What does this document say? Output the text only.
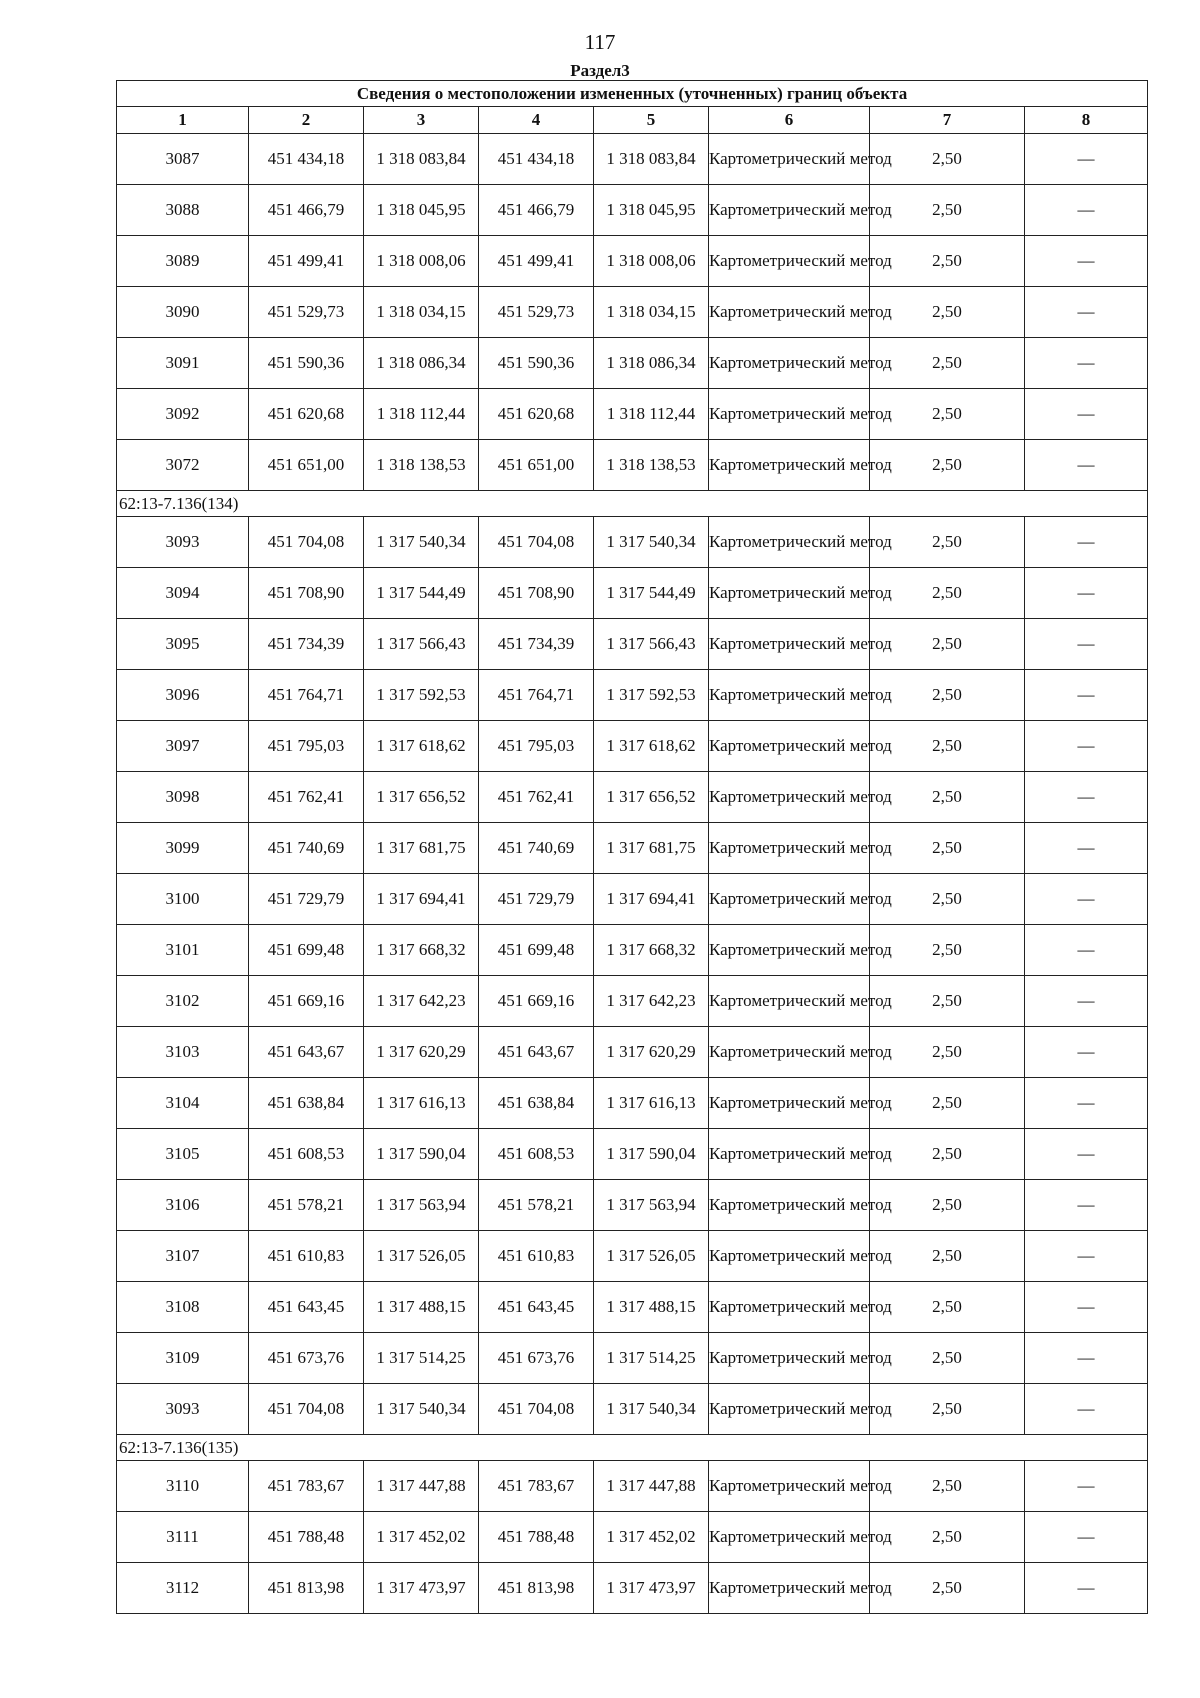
117
Раздел3
Сведения о местоположении измененных (уточненных) границ объекта							
1	2	3	4	5	6	7	8
3087	451 434,18	1 318 083,84	451 434,18	1 318 083,84	Картометрический метод	2,50	—
3088	451 466,79	1 318 045,95	451 466,79	1 318 045,95	Картометрический метод	2,50	—
3089	451 499,41	1 318 008,06	451 499,41	1 318 008,06	Картометрический метод	2,50	—
3090	451 529,73	1 318 034,15	451 529,73	1 318 034,15	Картометрический метод	2,50	—
3091	451 590,36	1 318 086,34	451 590,36	1 318 086,34	Картометрический метод	2,50	—
3092	451 620,68	1 318 112,44	451 620,68	1 318 112,44	Картометрический метод	2,50	—
3072	451 651,00	1 318 138,53	451 651,00	1 318 138,53	Картометрический метод	2,50	—
62:13-7.136(134)							
3093	451 704,08	1 317 540,34	451 704,08	1 317 540,34	Картометрический метод	2,50	—
3094	451 708,90	1 317 544,49	451 708,90	1 317 544,49	Картометрический метод	2,50	—
3095	451 734,39	1 317 566,43	451 734,39	1 317 566,43	Картометрический метод	2,50	—
3096	451 764,71	1 317 592,53	451 764,71	1 317 592,53	Картометрический метод	2,50	—
3097	451 795,03	1 317 618,62	451 795,03	1 317 618,62	Картометрический метод	2,50	—
3098	451 762,41	1 317 656,52	451 762,41	1 317 656,52	Картометрический метод	2,50	—
3099	451 740,69	1 317 681,75	451 740,69	1 317 681,75	Картометрический метод	2,50	—
3100	451 729,79	1 317 694,41	451 729,79	1 317 694,41	Картометрический метод	2,50	—
3101	451 699,48	1 317 668,32	451 699,48	1 317 668,32	Картометрический метод	2,50	—
3102	451 669,16	1 317 642,23	451 669,16	1 317 642,23	Картометрический метод	2,50	—
3103	451 643,67	1 317 620,29	451 643,67	1 317 620,29	Картометрический метод	2,50	—
3104	451 638,84	1 317 616,13	451 638,84	1 317 616,13	Картометрический метод	2,50	—
3105	451 608,53	1 317 590,04	451 608,53	1 317 590,04	Картометрический метод	2,50	—
3106	451 578,21	1 317 563,94	451 578,21	1 317 563,94	Картометрический метод	2,50	—
3107	451 610,83	1 317 526,05	451 610,83	1 317 526,05	Картометрический метод	2,50	—
3108	451 643,45	1 317 488,15	451 643,45	1 317 488,15	Картометрический метод	2,50	—
3109	451 673,76	1 317 514,25	451 673,76	1 317 514,25	Картометрический метод	2,50	—
3093	451 704,08	1 317 540,34	451 704,08	1 317 540,34	Картометрический метод	2,50	—
62:13-7.136(135)							
3110	451 783,67	1 317 447,88	451 783,67	1 317 447,88	Картометрический метод	2,50	—
3111	451 788,48	1 317 452,02	451 788,48	1 317 452,02	Картометрический метод	2,50	—
3112	451 813,98	1 317 473,97	451 813,98	1 317 473,97	Картометрический метод	2,50	—
